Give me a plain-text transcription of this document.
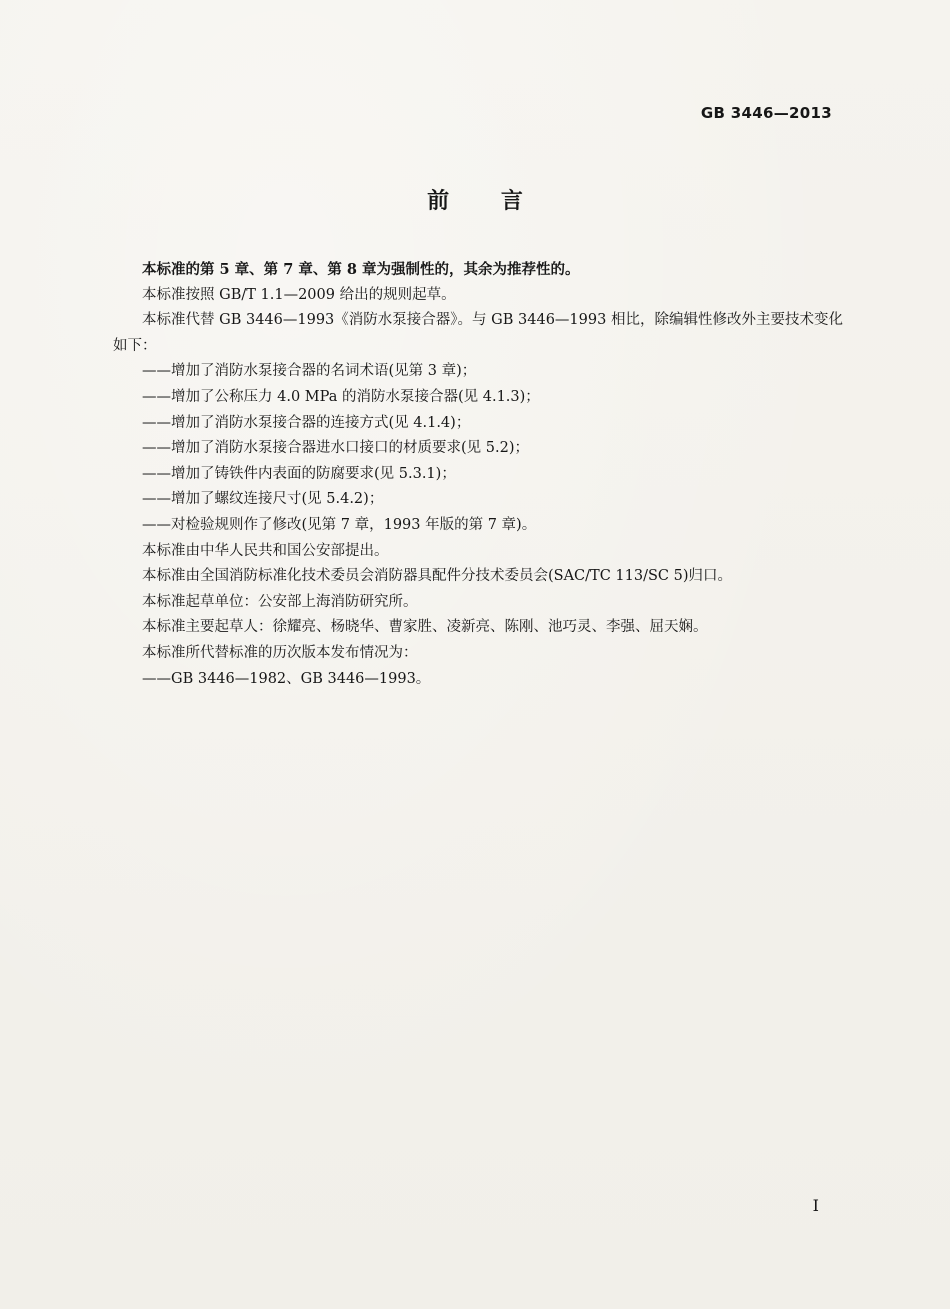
GB 3446—2013
前 言

本标准的第 5 章、第 7 章、第 8 章为强制性的，其余为推荐性的。

本标准按照 GB/T 1.1—2009 给出的规则起草。

本标准代替 GB 3446—1993《消防水泵接合器》。与 GB 3446—1993 相比，除编辑性修改外主要技术变化如下：

——增加了消防水泵接合器的名词术语(见第 3 章)；

——增加了公称压力 4.0 MPa 的消防水泵接合器(见 4.1.3)；

——增加了消防水泵接合器的连接方式(见 4.1.4)；

——增加了消防水泵接合器进水口接口的材质要求(见 5.2)；

——增加了铸铁件内表面的防腐要求(见 5.3.1)；

——增加了螺纹连接尺寸(见 5.4.2)；

——对检验规则作了修改(见第 7 章，1993 年版的第 7 章)。

本标准由中华人民共和国公安部提出。

本标准由全国消防标准化技术委员会消防器具配件分技术委员会(SAC/TC 113/SC 5)归口。

本标准起草单位：公安部上海消防研究所。

本标准主要起草人：徐耀亮、杨晓华、曹家胜、凌新亮、陈刚、池巧灵、李强、屈天娴。

本标准所代替标准的历次版本发布情况为：

——GB 3446—1982、GB 3446—1993。

I
